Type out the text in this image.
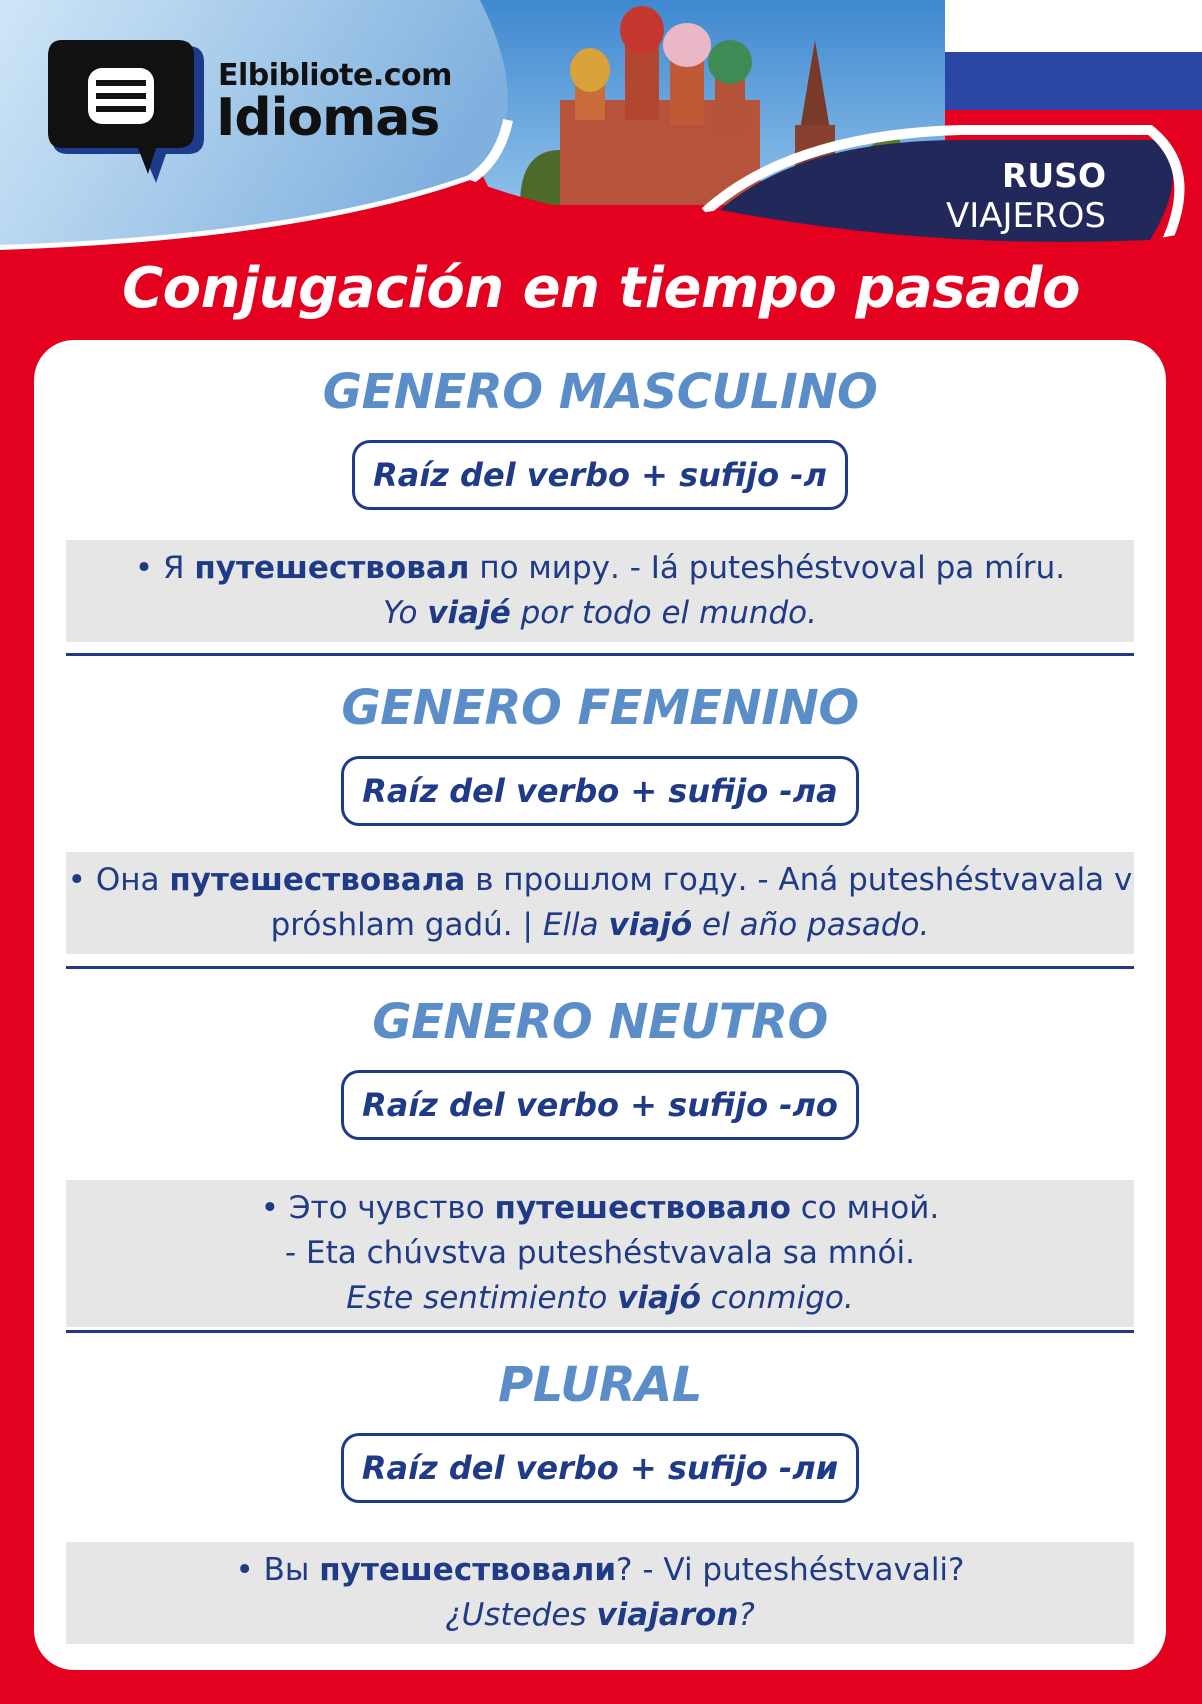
Elbibliote.com
Idiomas
RUSO
VIAJEROS
Conjugación en tiempo pasado
GENERO MASCULINO
Raíz del verbo + sufijo -л
• Я путешествовал по миру. - Iá puteshéstvoval pa míru.
Yo viajé por todo el mundo.
GENERO FEMENINO
Raíz del verbo + sufijo -ла
• Она путешествовала в прошлом году. - Aná puteshéstvavala v próshlam gadú. | Ella viajó el año pasado.
GENERO NEUTRO
Raíz del verbo + sufijo -ло
• Это чувство путешествовало со мной.
- Eta chúvstva puteshéstvavala sa mnói.
Este sentimiento viajó conmigo.
PLURAL
Raíz del verbo + sufijo -ли
• Вы путешествовали? - Vi puteshéstvavali?
¿Ustedes viajaron?
